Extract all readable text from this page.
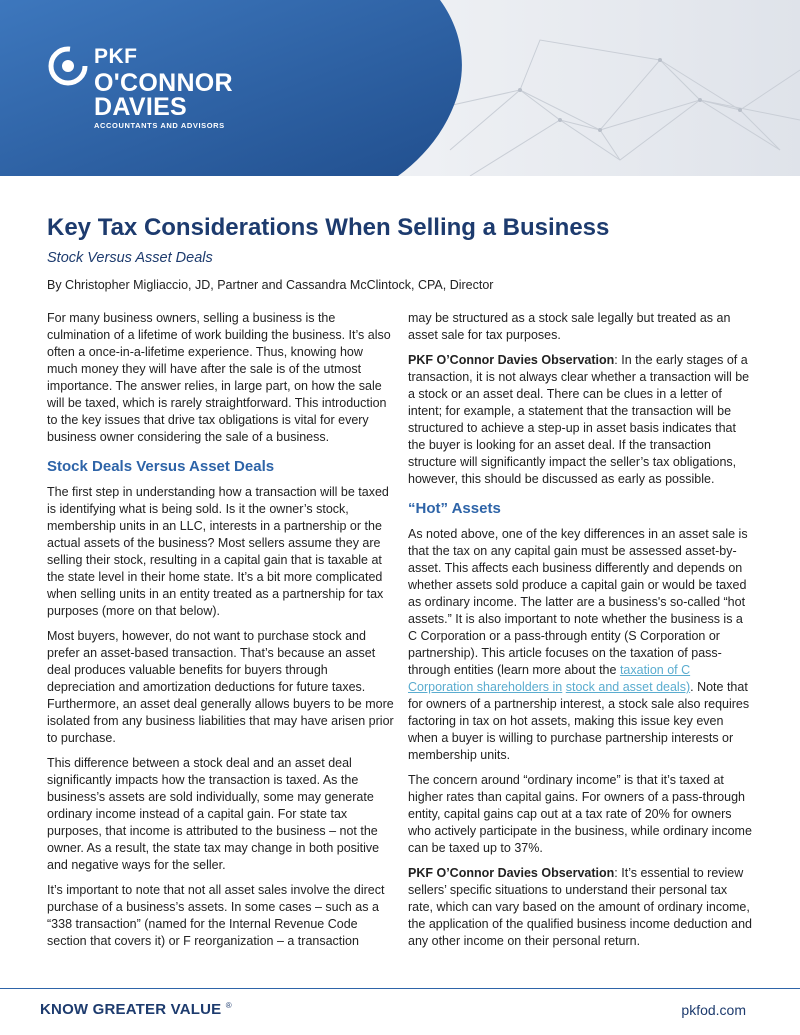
PKF
O'CONNOR
DAVIES
ACCOUNTANTS AND ADVISORS
Key Tax Considerations When Selling a Business
Stock Versus Asset Deals
By Christopher Migliaccio, JD, Partner and Cassandra McClintock, CPA, Director

For many business owners, selling a business is the culmination of a lifetime of work building the business. It’s also often a once-in-a-lifetime experience. Thus, knowing how much money they will have after the sale is of the utmost importance. The answer relies, in large part, on how the sale will be taxed, which is rarely straightforward. This introduction to the key issues that drive tax obligations is vital for every business owner considering the sale of a business.

Stock Deals Versus Asset Deals

The first step in understanding how a transaction will be taxed is identifying what is being sold. Is it the owner’s stock, membership units in an LLC, interests in a partnership or the actual assets of the business? Most sellers assume they are selling their stock, resulting in a capital gain that is taxable at the state level in their home state. It’s a bit more complicated when selling units in an entity treated as a partnership for tax purposes (more on that below).

Most buyers, however, do not want to purchase stock and prefer an asset-based transaction. That’s because an asset deal produces valuable benefits for buyers through depreciation and amortization deductions for future taxes. Furthermore, an asset deal generally allows buyers to be more isolated from any business liabilities that may have arisen prior to purchase.

This difference between a stock deal and an asset deal significantly impacts how the transaction is taxed. As the business’s assets are sold individually, some may generate ordinary income instead of a capital gain. For state tax purposes, that income is attributed to the business – not the owner. As a result, the state tax may change in both positive and negative ways for the seller.

It’s important to note that not all asset sales involve the direct purchase of a business’s assets. In some cases – such as a “338 transaction” (named for the Internal Revenue Code section that covers it) or F reorganization – a transaction

may be structured as a stock sale legally but treated as an asset sale for tax purposes.

PKF O’Connor Davies Observation: In the early stages of a transaction, it is not always clear whether a transaction will be a stock or an asset deal. There can be clues in a letter of intent; for example, a statement that the transaction will be structured to achieve a step-up in asset basis indicates that the buyer is looking for an asset deal. If the transaction structure will significantly impact the seller’s tax obligations, however, this should be discussed as early as possible.

“Hot” Assets

As noted above, one of the key differences in an asset sale is that the tax on any capital gain must be assessed asset-by-asset. This affects each business differently and depends on whether assets sold produce a capital gain or would be taxed as ordinary income. The latter are a business's so-called “hot assets.” It is also important to note whether the business is a C Corporation or a pass-through entity (S Corporation or partnership). This article focuses on the taxation of pass-through entities (learn more about the taxation of C Corporation shareholders in stock and asset deals). Note that for owners of a partnership interest, a stock sale also requires factoring in tax on hot assets, making this issue key even when a buyer is willing to purchase partnership interests or membership units.

The concern around “ordinary income” is that it’s taxed at higher rates than capital gains. For owners of a pass-through entity, capital gains cap out at a tax rate of 20% for owners who actively participate in the business, while ordinary income can be taxed up to 37%.

PKF O’Connor Davies Observation: It’s essential to review sellers’ specific situations to understand their personal tax rate, which can vary based on the amount of ordinary income, the application of the qualified business income deduction and any other income on their personal return.

KNOW GREATER VALUE ®	pkfod.com
